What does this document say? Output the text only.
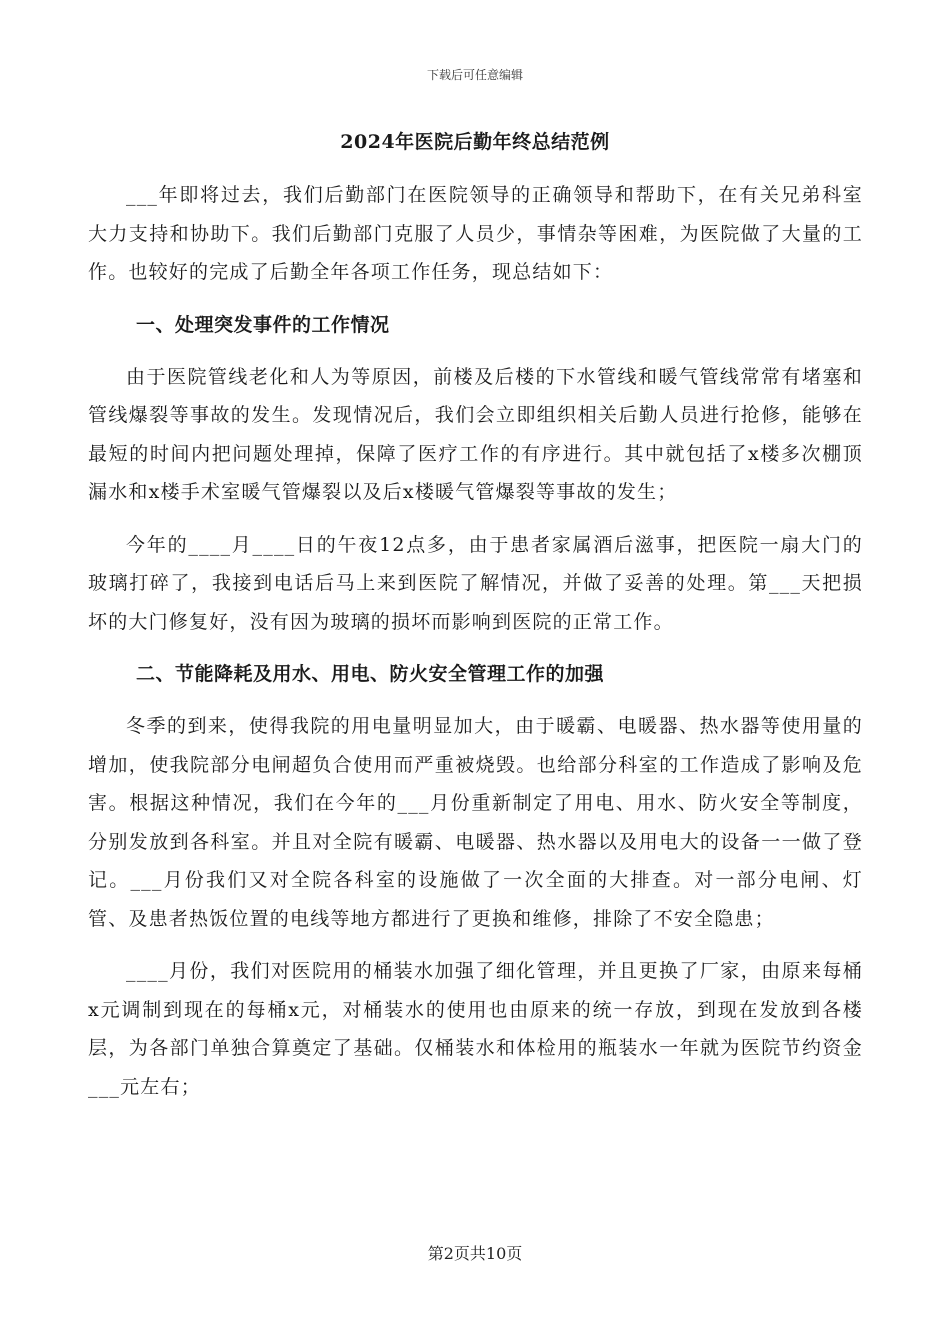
下载后可任意编辑
2024年医院后勤年终总结范例

___年即将过去，我们后勤部门在医院领导的正确领导和帮助下，在有关兄弟科室大力支持和协助下。我们后勤部门克服了人员少，事情杂等困难，为医院做了大量的工作。也较好的完成了后勤全年各项工作任务，现总结如下：

一、处理突发事件的工作情况

由于医院管线老化和人为等原因，前楼及后楼的下水管线和暖气管线常常有堵塞和管线爆裂等事故的发生。发现情况后，我们会立即组织相关后勤人员进行抢修，能够在最短的时间内把问题处理掉，保障了医疗工作的有序进行。其中就包括了x楼多次棚顶漏水和x楼手术室暖气管爆裂以及后x楼暖气管爆裂等事故的发生；

今年的____月____日的午夜12点多，由于患者家属酒后滋事，把医院一扇大门的玻璃打碎了，我接到电话后马上来到医院了解情况，并做了妥善的处理。第___天把损坏的大门修复好，没有因为玻璃的损坏而影响到医院的正常工作。

二、节能降耗及用水、用电、防火安全管理工作的加强

冬季的到来，使得我院的用电量明显加大，由于暖霸、电暖器、热水器等使用量的增加，使我院部分电闸超负合使用而严重被烧毁。也给部分科室的工作造成了影响及危害。根据这种情况，我们在今年的___月份重新制定了用电、用水、防火安全等制度，分别发放到各科室。并且对全院有暖霸、电暖器、热水器以及用电大的设备一一做了登记。___月份我们又对全院各科室的设施做了一次全面的大排查。对一部分电闸、灯管、及患者热饭位置的电线等地方都进行了更换和维修，排除了不安全隐患；

____月份，我们对医院用的桶装水加强了细化管理，并且更换了厂家，由原来每桶x元调制到现在的每桶x元，对桶装水的使用也由原来的统一存放，到现在发放到各楼层，为各部门单独合算奠定了基础。仅桶装水和体检用的瓶装水一年就为医院节约资金___元左右；

第2页共10页
